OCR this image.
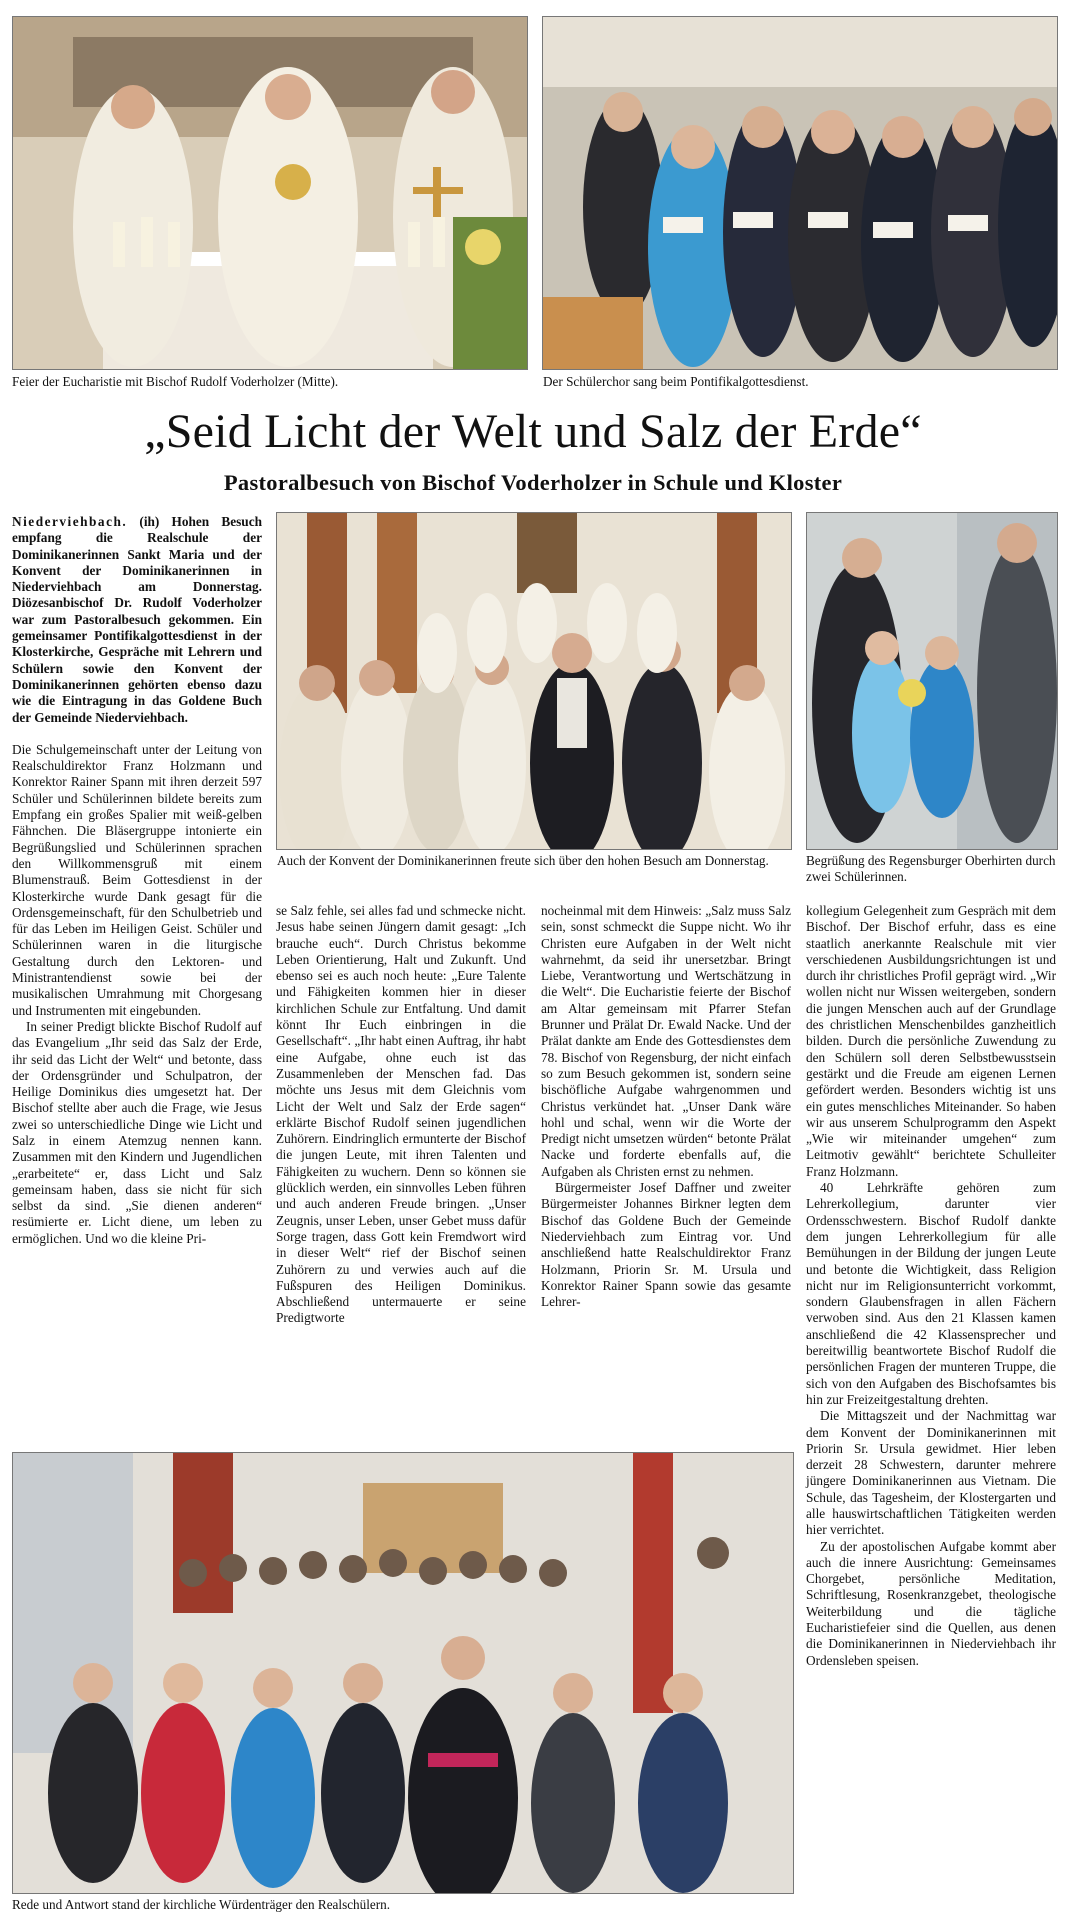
Feier der Eucharistie mit Bischof Rudolf Voderholzer (Mitte).	Der Schülerchor sang beim Pontifikalgottesdienst.
„Seid Licht der Welt und Salz der Erde“
Pastoralbesuch von Bischof Voderholzer in Schule und Kloster
Auch der Konvent der Dominikanerinnen freute sich über den hohen Besuch am Donnerstag.	Begrüßung des Regensburger Oberhirten durch zwei Schülerinnen.

Niederviehbach. (ih) Hohen Besuch empfang die Realschule der Dominikanerinnen Sankt Maria und der Konvent der Dominikanerinnen in Niederviehbach am Donnerstag. Diözesanbischof Dr. Rudolf Voderholzer war zum Pastoralbesuch gekommen. Ein gemeinsamer Pontifikalgottesdienst in der Klosterkirche, Gespräche mit Lehrern und Schülern sowie den Konvent der Dominikanerinnen gehörten ebenso dazu wie die Eintragung in das Goldene Buch der Gemeinde Niederviehbach.

Die Schulgemeinschaft unter der Leitung von Realschuldirektor Franz Holzmann und Konrektor Rainer Spann mit ihren derzeit 597 Schüler und Schülerinnen bildete bereits zum Empfang ein großes Spalier mit weiß-gelben Fähnchen. Die Bläsergruppe intonierte ein Begrüßungslied und Schülerinnen sprachen den Willkommensgruß mit einem Blumenstrauß. Beim Gottesdienst in der Klosterkirche wurde Dank gesagt für die Ordensgemeinschaft, für den Schulbetrieb und für das Leben im Heiligen Geist. Schüler und Schülerinnen waren in die liturgische Gestaltung durch den Lektoren- und Ministrantendienst sowie bei der musikalischen Umrahmung mit Chorgesang und Instrumenten mit eingebunden.

In seiner Predigt blickte Bischof Rudolf auf das Evangelium „Ihr seid das Salz der Erde, ihr seid das Licht der Welt“ und betonte, dass der Ordensgründer und Schulpatron, der Heilige Dominikus dies umgesetzt hat. Der Bischof stellte aber auch die Frage, wie Jesus zwei so unterschiedliche Dinge wie Licht und Salz in einem Atemzug nennen kann. Zusammen mit den Kindern und Jugendlichen „erarbeitete“ er, dass Licht und Salz gemeinsam haben, dass sie nicht für sich selbst da sind. „Sie dienen anderen“ resümierte er. Licht diene, um leben zu ermöglichen. Und wo die kleine Pri-

se Salz fehle, sei alles fad und schmecke nicht. Jesus habe seinen Jüngern damit gesagt: „Ich brauche euch“. Durch Christus bekomme Leben Orientierung, Halt und Zukunft. Und ebenso sei es auch noch heute: „Eure Talente und Fähigkeiten kommen hier in dieser kirchlichen Schule zur Entfaltung. Und damit könnt Ihr Euch einbringen in die Gesellschaft“. „Ihr habt einen Auftrag, ihr habt eine Aufgabe, ohne euch ist das Zusammenleben der Menschen fad. Das möchte uns Jesus mit dem Gleichnis vom Licht der Welt und Salz der Erde sagen“ erklärte Bischof Rudolf seinen jugendlichen Zuhörern. Eindringlich ermunterte der Bischof die jungen Leute, mit ihren Talenten und Fähigkeiten zu wuchern. Denn so können sie glücklich werden, ein sinnvolles Leben führen und auch anderen Freude bringen. „Unser Zeugnis, unser Leben, unser Gebet muss dafür Sorge tragen, dass Gott kein Fremdwort wird in dieser Welt“ rief der Bischof seinen Zuhörern zu und verwies auch auf die Fußspuren des Heiligen Dominikus. Abschließend untermauerte er seine Predigtworte

nocheinmal mit dem Hinweis: „Salz muss Salz sein, sonst schmeckt die Suppe nicht. Wo ihr Christen eure Aufgaben in der Welt nicht wahrnehmt, da seid ihr unersetzbar. Bringt Liebe, Verantwortung und Wertschätzung in die Welt“. Die Eucharistie feierte der Bischof am Altar gemeinsam mit Pfarrer Stefan Brunner und Prälat Dr. Ewald Nacke. Und der Prälat dankte am Ende des Gottesdienstes dem 78. Bischof von Regensburg, der nicht einfach so zum Besuch gekommen ist, sondern seine bischöfliche Aufgabe wahrgenommen und Christus verkündet hat. „Unser Dank wäre hohl und schal, wenn wir die Worte der Predigt nicht umsetzen würden“ betonte Prälat Nacke und forderte ebenfalls auf, die Aufgaben als Christen ernst zu nehmen.

Bürgermeister Josef Daffner und zweiter Bürgermeister Johannes Birkner legten dem Bischof das Goldene Buch der Gemeinde Niederviehbach zum Eintrag vor. Und anschließend hatte Realschuldirektor Franz Holzmann, Priorin Sr. M. Ursula und Konrektor Rainer Spann sowie das gesamte Lehrer-

kollegium Gelegenheit zum Gespräch mit dem Bischof. Der Bischof erfuhr, dass es eine staatlich anerkannte Realschule mit vier verschiedenen Ausbildungsrichtungen ist und durch ihr christliches Profil geprägt wird. „Wir wollen nicht nur Wissen weitergeben, sondern die jungen Menschen auch auf der Grundlage des christlichen Menschenbildes ganzheitlich bilden. Durch die persönliche Zuwendung zu den Schülern soll deren Selbstbewusstsein gestärkt und die Freude am eigenen Lernen gefördert werden. Besonders wichtig ist uns ein gutes menschliches Miteinander. So haben wir aus unserem Schulprogramm den Aspekt „Wie wir miteinander umgehen“ zum Leitmotiv gewählt“ berichtete Schulleiter Franz Holzmann.

40 Lehrkräfte gehören zum Lehrerkollegium, darunter vier Ordensschwestern. Bischof Rudolf dankte dem jungen Lehrerkollegium für alle Bemühungen in der Bildung der jungen Leute und betonte die Wichtigkeit, dass Religion nicht nur im Religionsunterricht vorkommt, sondern Glaubensfragen in allen Fächern verwoben sind. Aus den 21 Klassen kamen anschließend die 42 Klassensprecher und bereitwillig beantwortete Bischof Rudolf die persönlichen Fragen der munteren Truppe, die sich von den Aufgaben des Bischofsamtes bis hin zur Freizeitgestaltung drehten.

Die Mittagszeit und der Nachmittag war dem Konvent der Dominikanerinnen mit Priorin Sr. Ursula gewidmet. Hier leben derzeit 28 Schwestern, darunter mehrere jüngere Dominikanerinnen aus Vietnam. Die Schule, das Tagesheim, der Klostergarten und alle hauswirtschaftlichen Tätigkeiten werden hier verrichtet.

Zu der apostolischen Aufgabe kommt aber auch die innere Ausrichtung: Gemeinsames Chorgebet, persönliche Meditation, Schriftlesung, Rosenkranzgebet, theologische Weiterbildung und die tägliche Eucharistiefeier sind die Quellen, aus denen die Dominikanerinnen in Niederviehbach ihr Ordensleben speisen.

Rede und Antwort stand der kirchliche Würdenträger den Realschülern.
